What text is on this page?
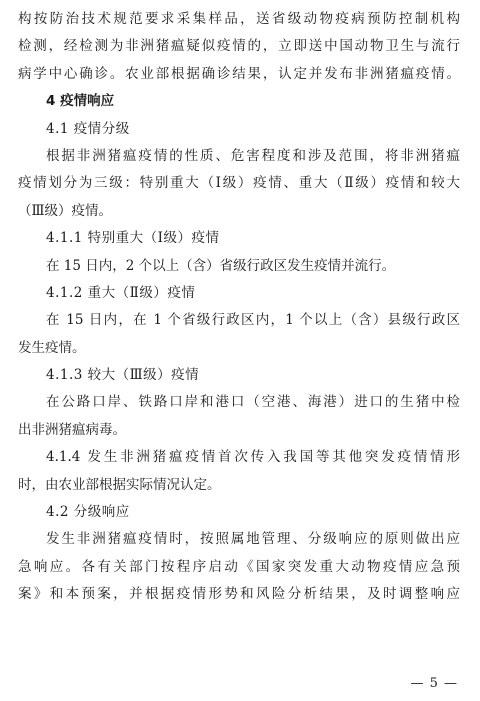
构按防治技术规范要求采集样品，送省级动物疫病预防控制机构
检测，经检测为非洲猪瘟疑似疫情的，立即送中国动物卫生与流行
病学中心确诊。农业部根据确诊结果，认定并发布非洲猪瘟疫情。
4 疫情响应
4.1 疫情分级
根据非洲猪瘟疫情的性质、危害程度和涉及范围，将非洲猪瘟
疫情划分为三级：特别重大（Ⅰ级）疫情、重大（Ⅱ级）疫情和较大
（Ⅲ级）疫情。
4.1.1 特别重大（Ⅰ级）疫情
在 15 日内，2 个以上（含）省级行政区发生疫情并流行。
4.1.2 重大（Ⅱ级）疫情
在 15 日内，在 1 个省级行政区内，1 个以上（含）县级行政区
发生疫情。
4.1.3 较大（Ⅲ级）疫情
在公路口岸、铁路口岸和港口（空港、海港）进口的生猪中检
出非洲猪瘟病毒。
4.1.4 发生非洲猪瘟疫情首次传入我国等其他突发疫情情形
时，由农业部根据实际情况认定。
4.2 分级响应
发生非洲猪瘟疫情时，按照属地管理、分级响应的原则做出应
急响应。各有关部门按程序启动《国家突发重大动物疫情应急预
案》和本预案，并根据疫情形势和风险分析结果，及时调整响应
— 5 —
